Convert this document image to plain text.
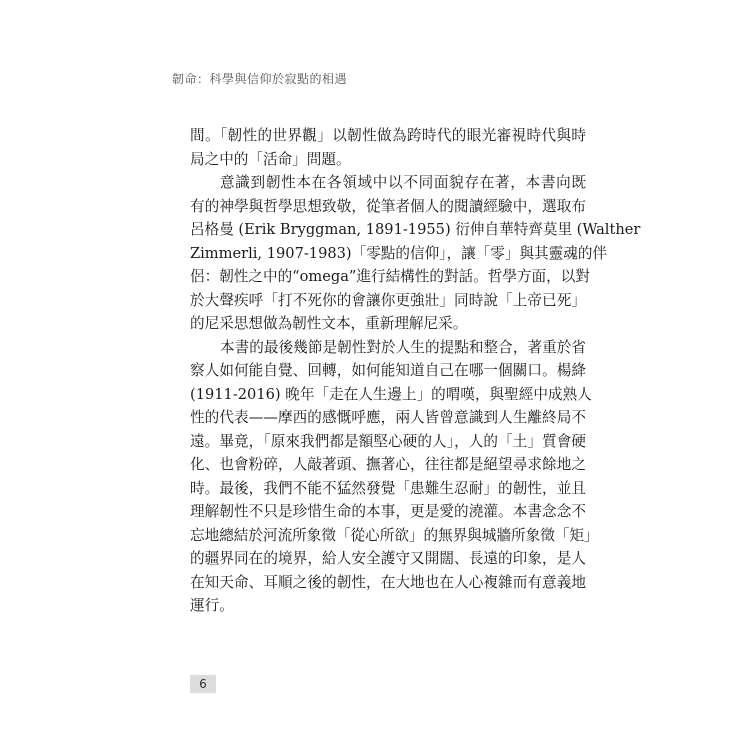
韌命：科學與信仰於寂點的相遇
間。「韌性的世界觀」以韌性做為跨時代的眼光審視時代與時
局之中的「活命」問題。
意識到韌性本在各領域中以不同面貌存在著，本書向既
有的神學與哲學思想致敬，從筆者個人的閱讀經驗中，選取布
呂格曼 (Erik Bryggman, 1891-1955) 衍伸自華特齊莫里 (Walther
Zimmerli, 1907-1983)「零點的信仰」，讓「零」與其靈魂的伴
侶：韌性之中的“omega”進行結構性的對話。哲學方面，以對
於大聲疾呼「打不死你的會讓你更強壯」同時說「上帝已死」
的尼采思想做為韌性文本，重新理解尼采。
本書的最後幾節是韌性對於人生的提點和整合，著重於省
察人如何能自覺、回轉，如何能知道自己在哪一個關口。楊絳
(1911-2016) 晚年「走在人生邊上」的喟嘆，與聖經中成熟人
性的代表——摩西的感慨呼應，兩人皆曾意識到人生離終局不
遠。畢竟，「原來我們都是額堅心硬的人」，人的「土」質會硬
化、也會粉碎，人敲著頭、撫著心，往往都是絕望尋求餘地之
時。最後，我們不能不猛然發覺「患難生忍耐」的韌性，並且
理解韌性不只是珍惜生命的本事，更是愛的澆灌。本書念念不
忘地總結於河流所象徵「從心所欲」的無界與城牆所象徵「矩」
的疆界同在的境界，給人安全護守又開闊、長遠的印象，是人
在知天命、耳順之後的韌性，在大地也在人心複雜而有意義地
運行。
6
